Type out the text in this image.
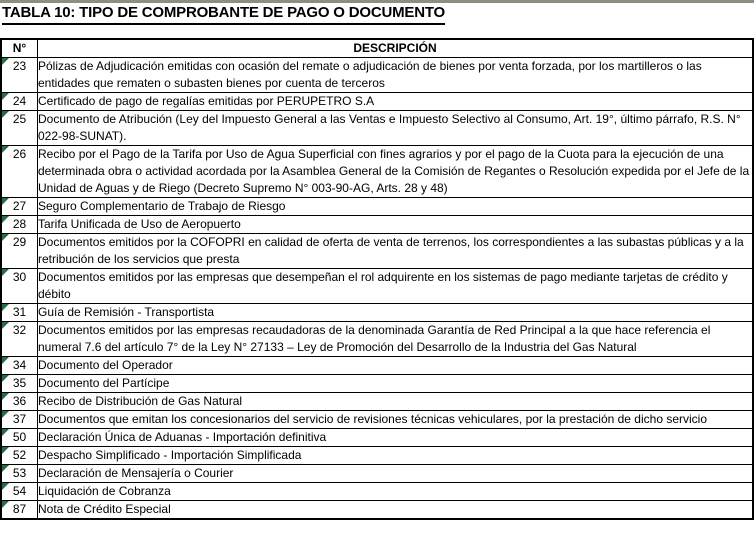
TABLA 10: TIPO DE COMPROBANTE DE PAGO O DOCUMENTO
N°	DESCRIPCIÓN

23	Pólizas de Adjudicación emitidas con ocasión del remate o adjudicación de bienes por venta forzada, por los martilleros o las entidades que rematen o subasten bienes por cuenta de terceros

24	Certificado de pago de regalías emitidas por PERUPETRO S.A

25	Documento de Atribución (Ley del Impuesto General a las Ventas e Impuesto Selectivo al Consumo, Art. 19°, último párrafo, R.S. N° 022-98-SUNAT).

26	Recibo por el Pago de la Tarifa por Uso de Agua Superficial con fines agrarios y por el pago de la Cuota para la ejecución de una determinada obra o actividad acordada por la Asamblea General de la Comisión de Regantes o Resolución expedida por el Jefe de la Unidad de Aguas y de Riego (Decreto Supremo N° 003-90-AG, Arts. 28 y 48)

27	Seguro Complementario de Trabajo de Riesgo

28	Tarifa Unificada de Uso de Aeropuerto

29	Documentos emitidos por la COFOPRI en calidad de oferta de venta de terrenos, los correspondientes a las subastas públicas y a la retribución de los servicios que presta

30	Documentos emitidos por las empresas que desempeñan el rol adquirente en los sistemas de pago mediante tarjetas de crédito y débito

31	Guía de Remisión - Transportista

32	Documentos emitidos por las empresas recaudadoras de la denominada Garantía de Red Principal a la que hace referencia el numeral 7.6 del artículo 7° de la Ley N° 27133 – Ley de Promoción del Desarrollo de la Industria del Gas Natural

34	Documento del Operador

35	Documento del Partícipe

36	Recibo de Distribución de Gas Natural

37	Documentos que emitan los concesionarios del servicio de revisiones técnicas vehiculares, por la prestación de dicho servicio

50	Declaración Única de Aduanas - Importación definitiva

52	Despacho Simplificado - Importación Simplificada

53	Declaración de Mensajería o Courier

54	Liquidación de Cobranza

87	Nota de Crédito Especial
